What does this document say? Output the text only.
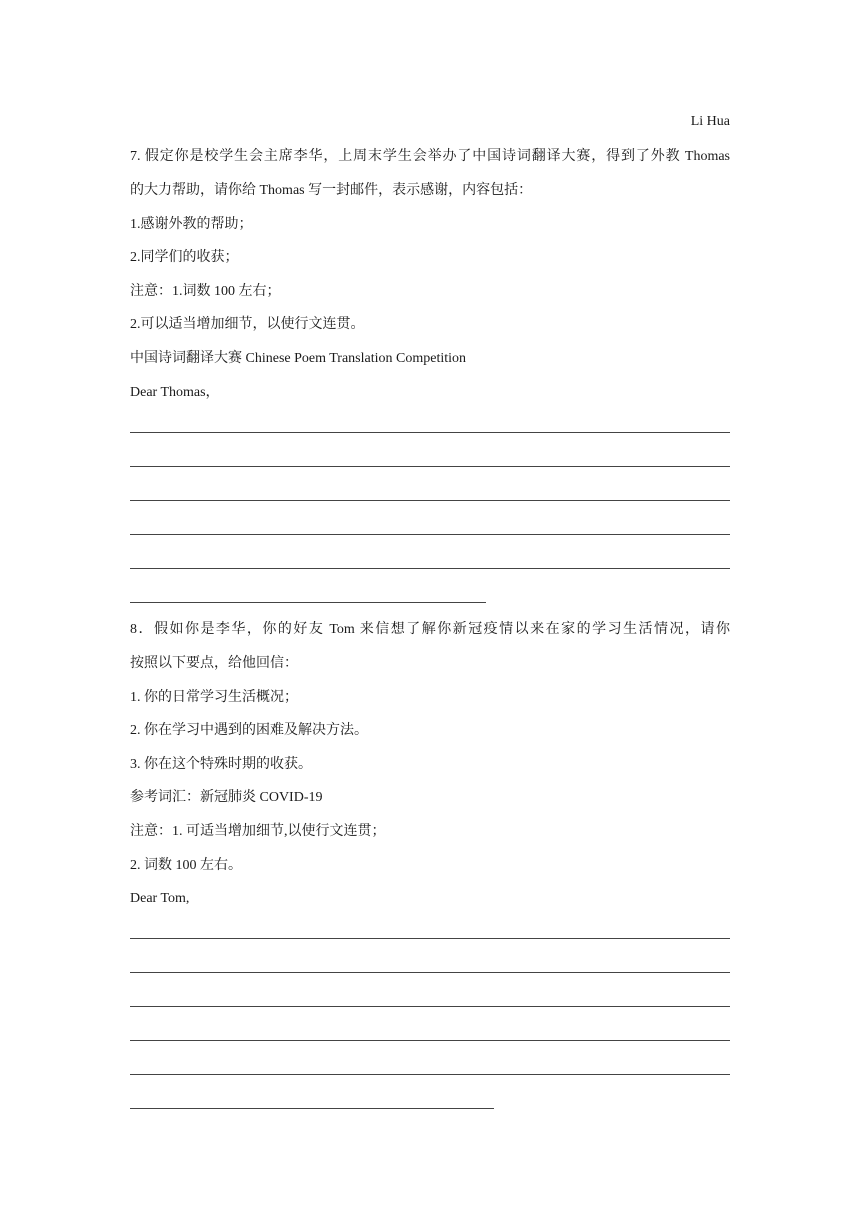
Li Hua
7. 假定你是校学生会主席李华，上周末学生会举办了中国诗词翻译大赛，得到了外教 Thomas
的大力帮助，请你给 Thomas 写一封邮件，表示感谢，内容包括：
1.感谢外教的帮助；
2.同学们的收获；
注意：1.词数 100 左右；
2.可以适当增加细节，以使行文连贯。
中国诗词翻译大赛 Chinese Poem Translation Competition
Dear Thomas，
8．假如你是李华，你的好友 Tom 来信想了解你新冠疫情以来在家的学习生活情况，请你
按照以下要点，给他回信：
1. 你的日常学习生活概况；
2. 你在学习中遇到的困难及解决方法。
3. 你在这个特殊时期的收获。
参考词汇：新冠肺炎 COVID-19
注意：1. 可适当增加细节,以使行文连贯；
2. 词数 100 左右。
Dear Tom,
